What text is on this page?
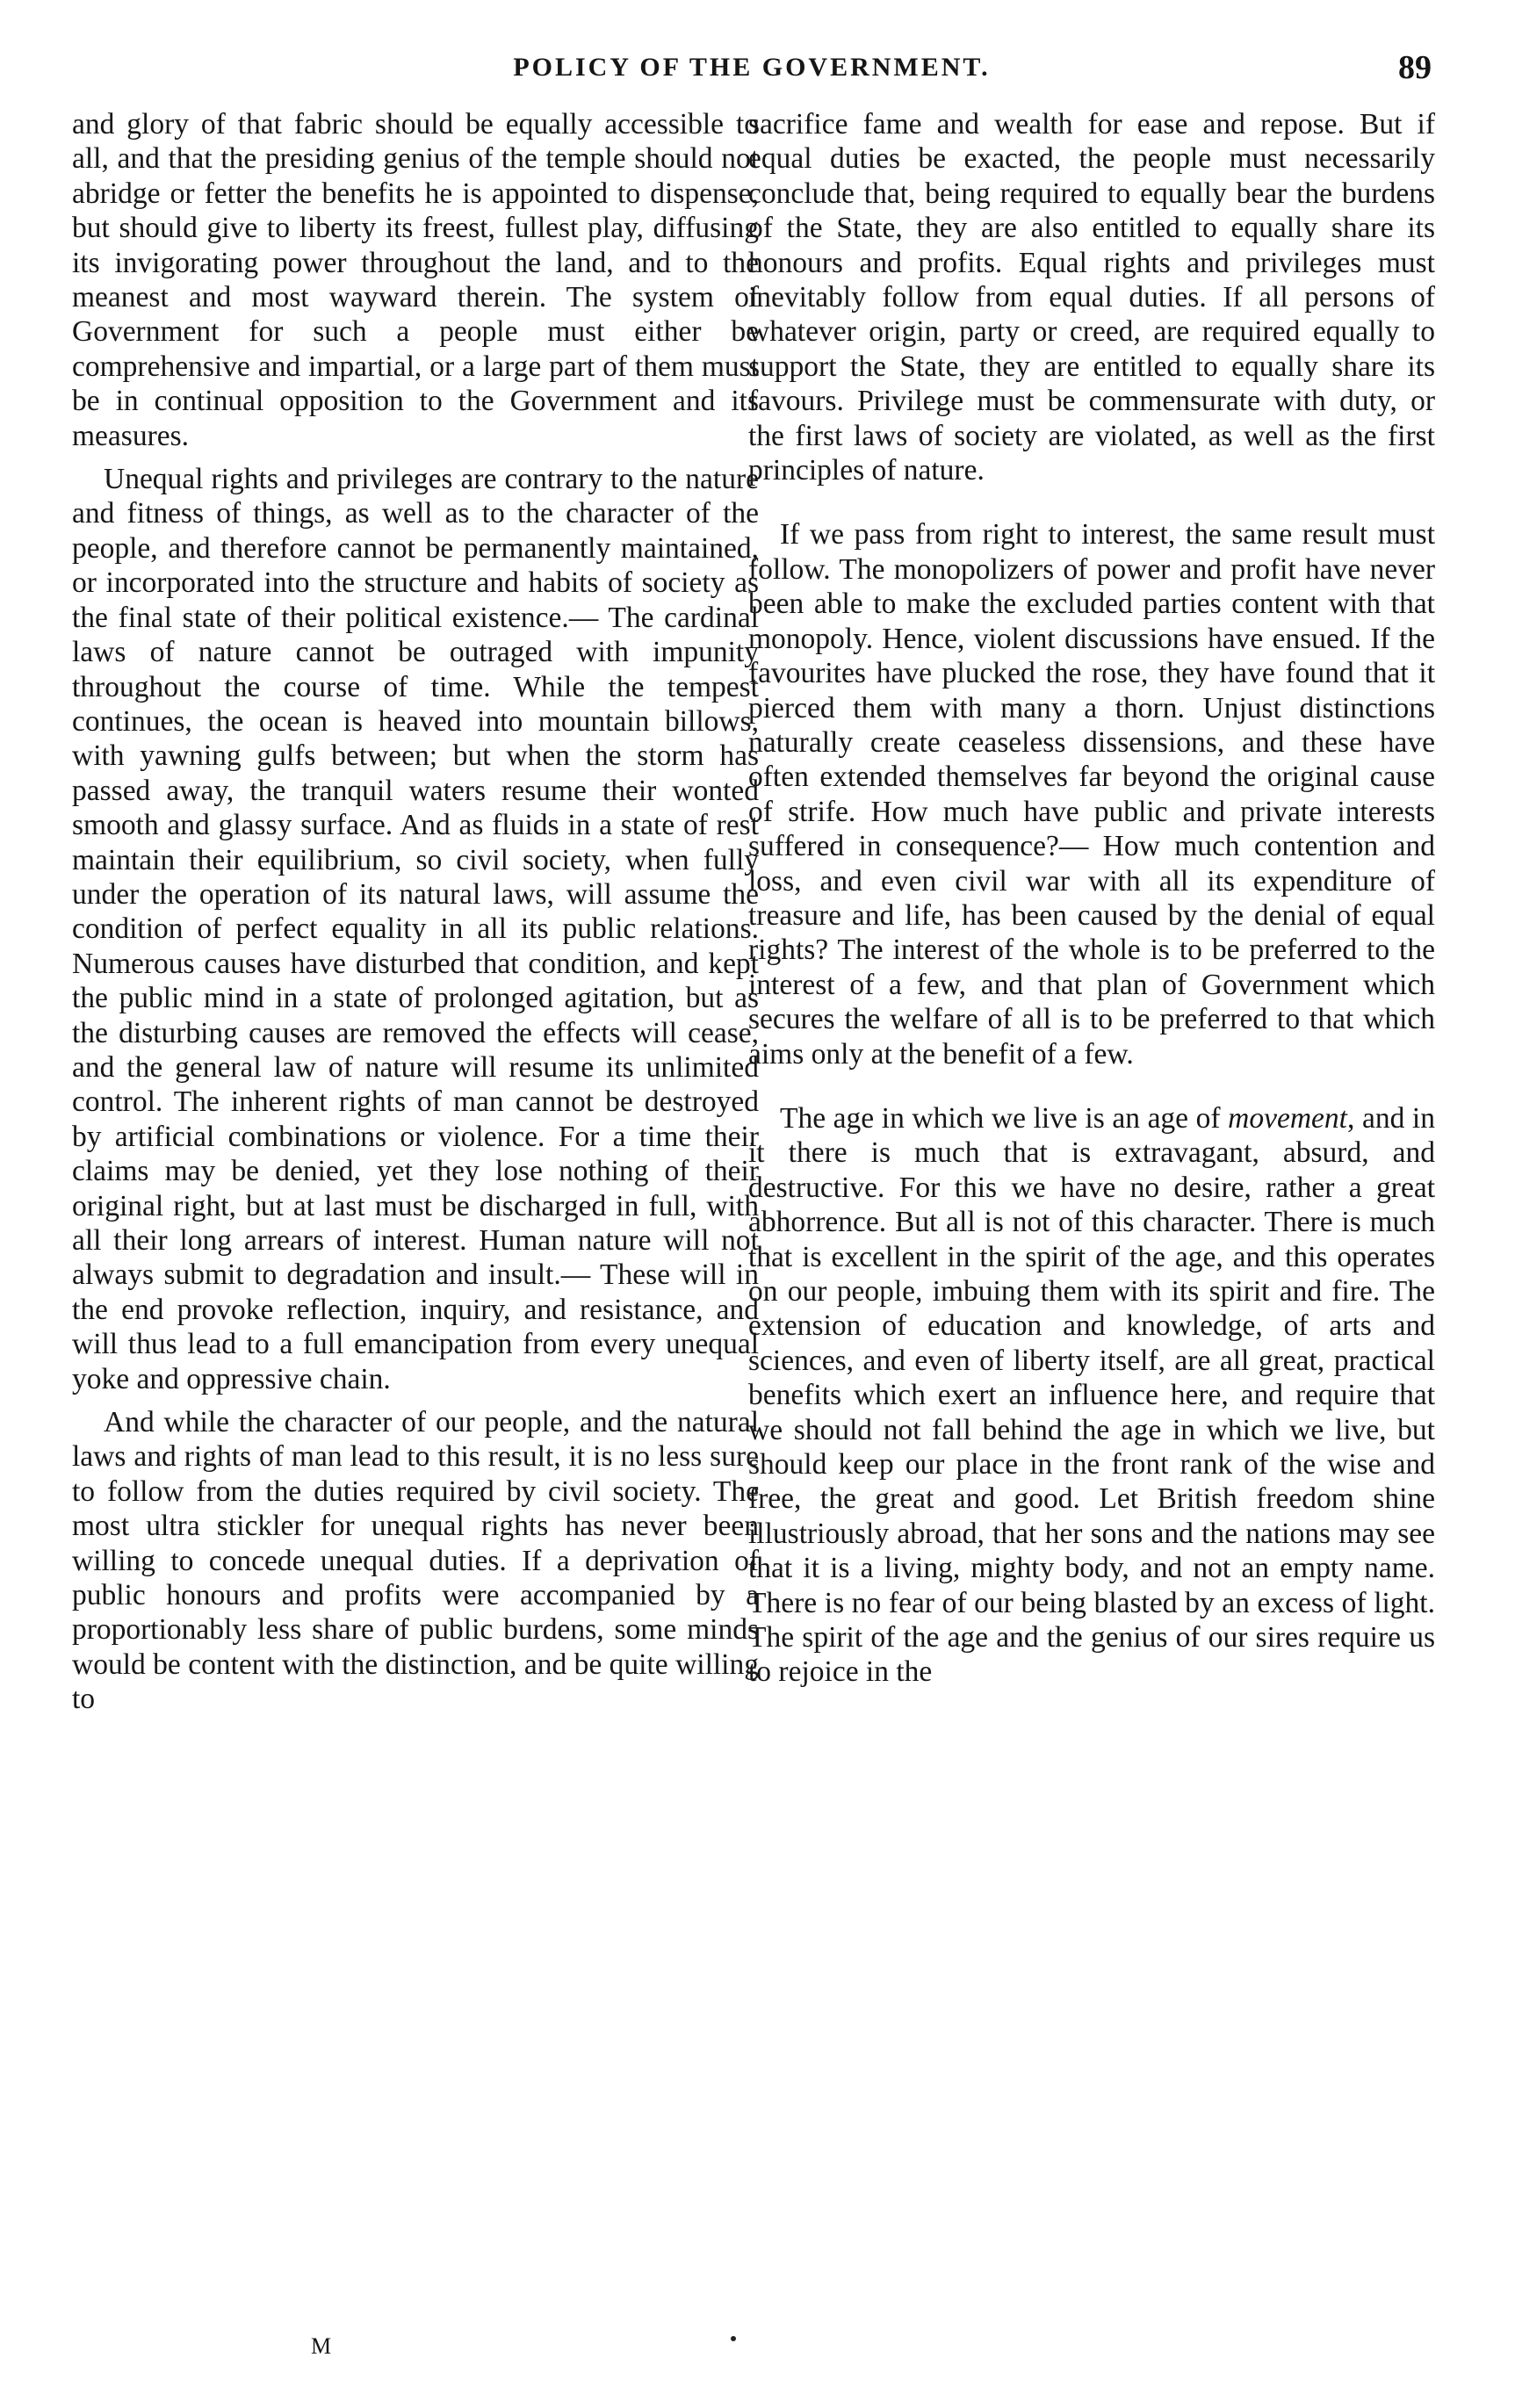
POLICY OF THE GOVERNMENT.	89

and glory of that fabric should be equally accessible to all, and that the presiding genius of the temple should not abridge or fetter the benefits he is appointed to dispense, but should give to liberty its freest, fullest play, diffusing its invigorating power throughout the land, and to the meanest and most wayward therein. The system of Government for such a people must either be comprehensive and impartial, or a large part of them must be in continual opposition to the Government and its measures.

Unequal rights and privileges are contrary to the nature and fitness of things, as well as to the character of the people, and therefore cannot be permanently maintained, or incorporated into the structure and habits of society as the final state of their political existence.— The cardinal laws of nature cannot be outraged with impunity throughout the course of time. While the tempest continues, the ocean is heaved into mountain billows, with yawning gulfs between; but when the storm has passed away, the tranquil waters resume their wonted smooth and glassy surface. And as fluids in a state of rest maintain their equilibrium, so civil society, when fully under the operation of its natural laws, will assume the condition of perfect equality in all its public relations. Numerous causes have disturbed that condition, and kept the public mind in a state of prolonged agitation, but as the disturbing causes are removed the effects will cease, and the general law of nature will resume its unlimited control. The inherent rights of man cannot be destroyed by artificial combinations or violence. For a time their claims may be denied, yet they lose nothing of their original right, but at last must be discharged in full, with all their long arrears of interest. Human nature will not always submit to degradation and insult.— These will in the end provoke reflection, inquiry, and resistance, and will thus lead to a full emancipation from every unequal yoke and oppressive chain.

And while the character of our people, and the natural laws and rights of man lead to this result, it is no less sure to follow from the duties required by civil society. The most ultra stickler for unequal rights has never been willing to concede unequal duties. If a deprivation of public honours and profits were accompanied by a proportionably less share of public burdens, some minds would be content with the distinction, and be quite willing to

sacrifice fame and wealth for ease and repose. But if equal duties be exacted, the people must necessarily conclude that, being required to equally bear the burdens of the State, they are also entitled to equally share its honours and profits. Equal rights and privileges must inevitably follow from equal duties. If all persons of whatever origin, party or creed, are required equally to support the State, they are entitled to equally share its favours. Privilege must be commensurate with duty, or the first laws of society are violated, as well as the first principles of nature.

If we pass from right to interest, the same result must follow. The monopolizers of power and profit have never been able to make the excluded parties content with that monopoly. Hence, violent discussions have ensued. If the favourites have plucked the rose, they have found that it pierced them with many a thorn. Unjust distinctions naturally create ceaseless dissensions, and these have often extended themselves far beyond the original cause of strife. How much have public and private interests suffered in consequence?— How much contention and loss, and even civil war with all its expenditure of treasure and life, has been caused by the denial of equal rights? The interest of the whole is to be preferred to the interest of a few, and that plan of Government which secures the welfare of all is to be preferred to that which aims only at the benefit of a few.

The age in which we live is an age of movement, and in it there is much that is extravagant, absurd, and destructive. For this we have no desire, rather a great abhorrence. But all is not of this character. There is much that is excellent in the spirit of the age, and this operates on our people, imbuing them with its spirit and fire. The extension of education and knowledge, of arts and sciences, and even of liberty itself, are all great, practical benefits which exert an influence here, and require that we should not fall behind the age in which we live, but should keep our place in the front rank of the wise and free, the great and good. Let British freedom shine illustriously abroad, that her sons and the nations may see that it is a living, mighty body, and not an empty name. There is no fear of our being blasted by an excess of light. The spirit of the age and the genius of our sires require us to rejoice in the

M
